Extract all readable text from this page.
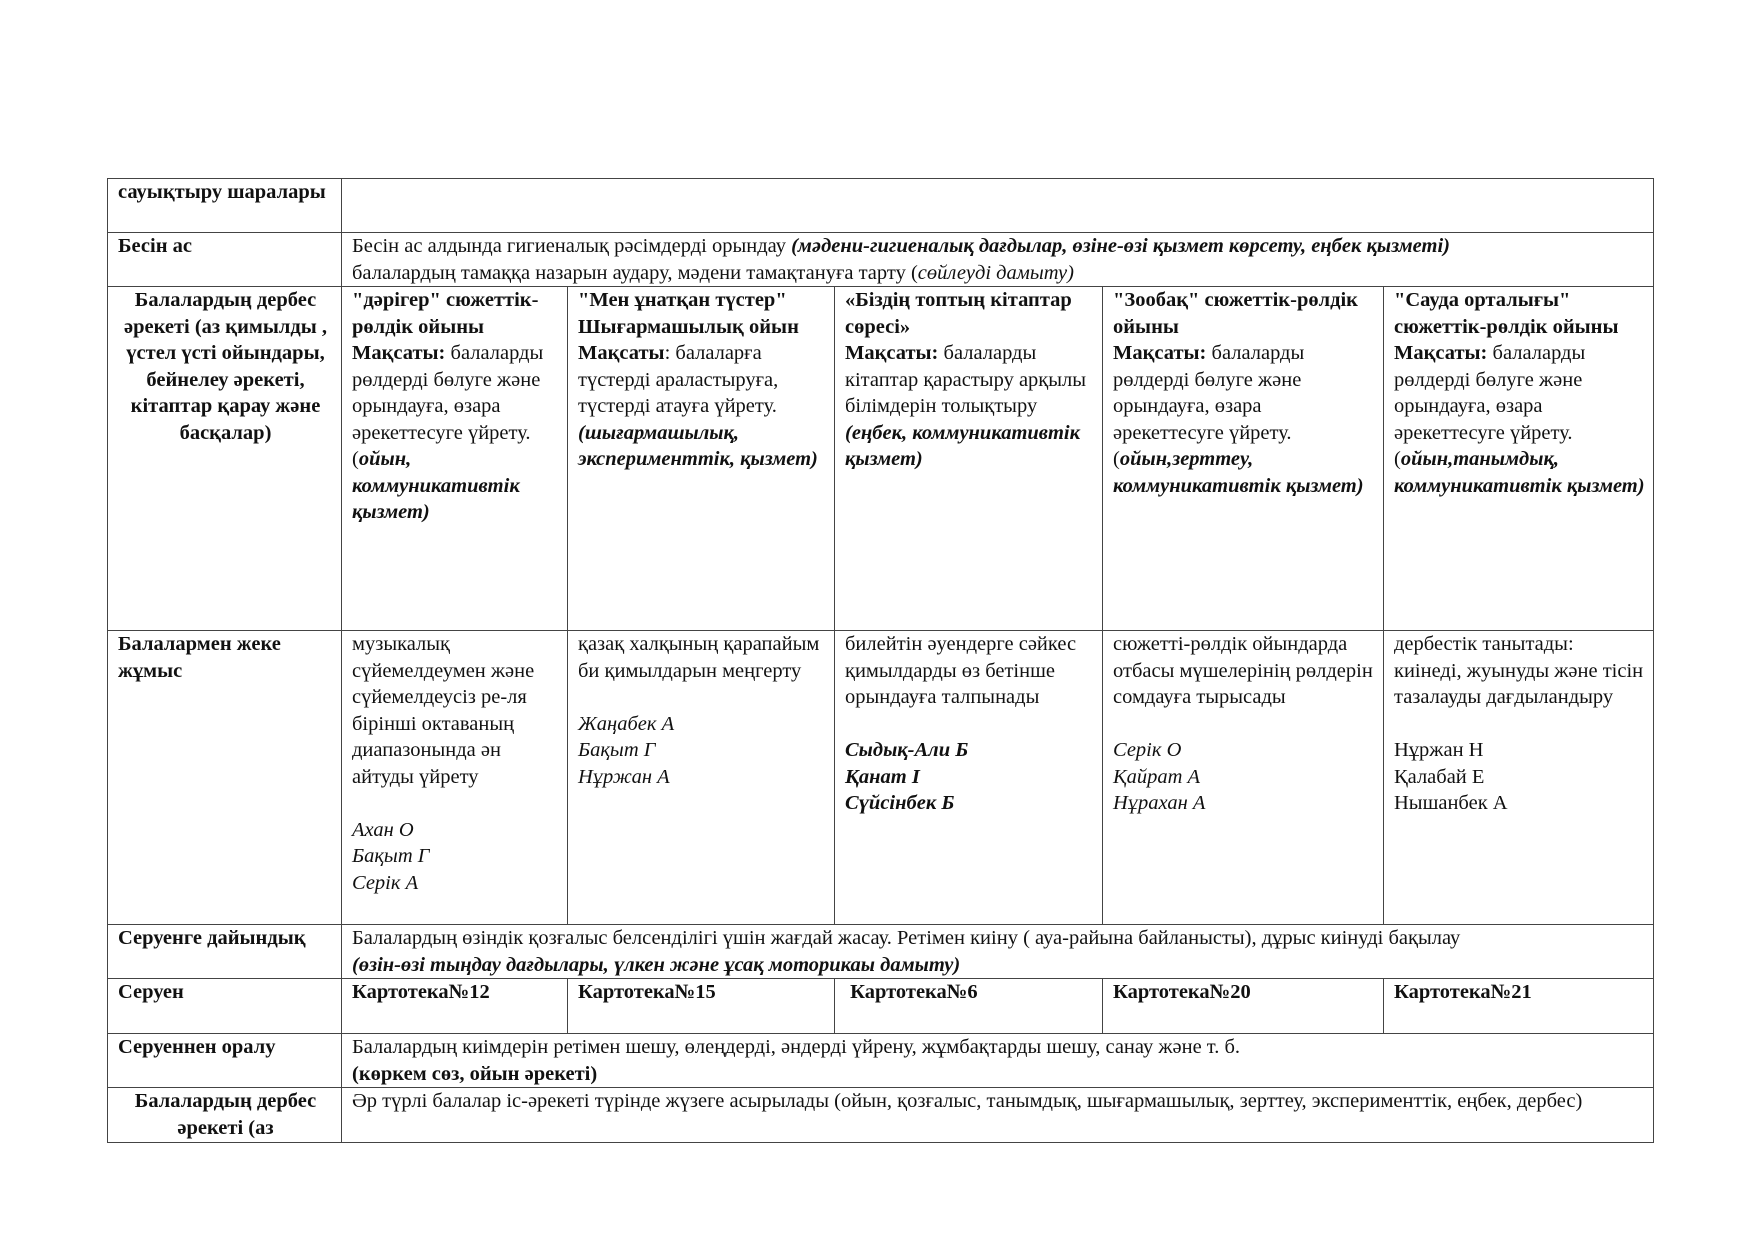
сауықтыру шаралары					
Бесін ас	Бесін ас алдында гигиеналық рәсімдерді орындау (мәдени-гигиеналық дағдылар, өзіне-өзі қызмет көрсету, еңбек қызметі)
балалардың тамаққа назарын аудару, мәдени тамақтануға тарту (сөйлеуді дамыту)				
Балалардың дербес әрекеті (аз қимылды , үстел үсті ойындары, бейнелеу әрекеті, кітаптар қарау және басқалар)	"дәрігер" сюжеттік-рөлдік ойыны
Мақсаты: балаларды рөлдерді бөлуге және орындауға, өзара әрекеттесуге үйрету.
(ойын, коммуникативтік қызмет)	"Мен ұнатқан түстер" Шығармашылық ойын
Мақсаты: балаларға түстерді араластыруға, түстерді атауға үйрету.
(шығармашылық, эксперименттік, қызмет)	«Біздің топтың кітаптар сөресі»
Мақсаты: балаларды кітаптар қарастыру арқылы білімдерін толықтыру
(еңбек, коммуникативтік қызмет)	"Зообақ" сюжеттік-рөлдік ойыны
Мақсаты: балаларды рөлдерді бөлуге және орындауға, өзара әрекеттесуге үйрету.
(ойын,зерттеу, коммуникативтік қызмет)	"Сауда орталығы" сюжеттік-рөлдік ойыны
Мақсаты: балаларды рөлдерді бөлуге және орындауға, өзара әрекеттесуге үйрету.
(ойын,танымдық, коммуникативтік қызмет)
Балалармен жеке жұмыс	музыкалық сүйемелдеумен және сүйемелдеусіз ре-ля бірінші октаваның диапазонында ән айтуды үйрету
Ахан О
Бақыт Г
Серік А	қазақ халқының қарапайым би қимылдарын меңгерту
Жаңабек А
Бақыт Г
Нұржан А	билейтін әуендерге сәйкес қимылдарды өз бетінше орындауға талпынады
Сыдық-Али Б
Қанат І
Сүйсінбек Б	сюжетті-рөлдік ойындарда отбасы мүшелерінің рөлдерін сомдауға тырысады
Серік О
Қайрат А
Нұрахан А	дербестік танытады: киінеді, жуынуды және тісін тазалауды дағдыландыру
Нұржан Н
Қалабай Е
Нышанбек А

Серуенге дайындық	Балалардың өзіндік қозғалыс белсенділігі үшін жағдай жасау. Ретімен киіну ( ауа-райына байланысты), дұрыс киінуді бақылау
(өзін-өзі тыңдау дағдылары, үлкен және ұсақ моторикаы дамыту)				

Серуен	Картотека№12	Картотека№15	Картотека№6	Картотека№20	Картотека№21
Серуеннен оралу	Балалардың киімдерін ретімен шешу, өлеңдерді, әндерді үйрену, жұмбақтарды шешу, санау және т. б.
(көркем сөз, ойын әрекеті)				

Балалардың дербес әрекеті (аз	Әр түрлі балалар іс-әрекеті түрінде жүзеге асырылады (ойын, қозғалыс, танымдық, шығармашылық, зерттеу, эксперименттік, еңбек, дербес)				
